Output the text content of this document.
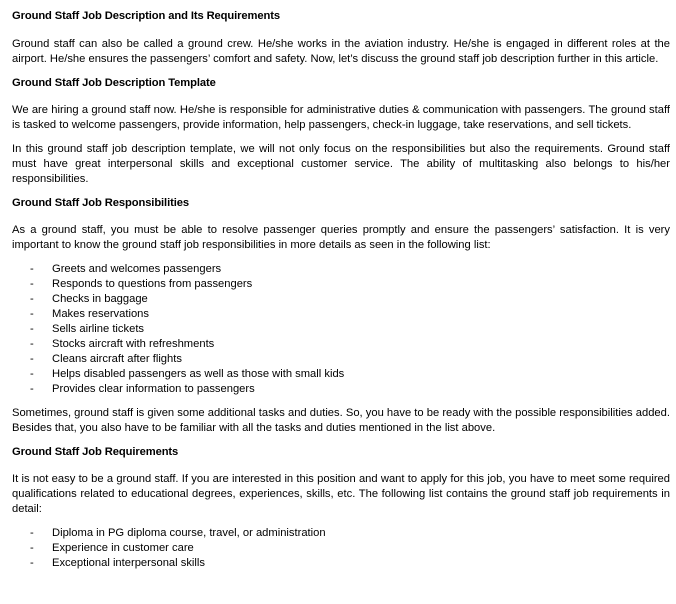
Ground Staff Job Description and Its Requirements

Ground staff can also be called a ground crew. He/she works in the aviation industry. He/she is engaged in different roles at the airport. He/she ensures the passengers’ comfort and safety. Now, let’s discuss the ground staff job description further in this article.

Ground Staff Job Description Template

We are hiring a ground staff now. He/she is responsible for administrative duties & communication with passengers. The ground staff is tasked to welcome passengers, provide information, help passengers, check-in luggage, take reservations, and sell tickets.

In this ground staff job description template, we will not only focus on the responsibilities but also the requirements. Ground staff must have great interpersonal skills and exceptional customer service. The ability of multitasking also belongs to his/her responsibilities.

Ground Staff Job Responsibilities

As a ground staff, you must be able to resolve passenger queries promptly and ensure the passengers’ satisfaction. It is very important to know the ground staff job responsibilities in more details as seen in the following list:

- Greets and welcomes passengers
- Responds to questions from passengers
- Checks in baggage
- Makes reservations
- Sells airline tickets
- Stocks aircraft with refreshments
- Cleans aircraft after flights
- Helps disabled passengers as well as those with small kids
- Provides clear information to passengers

Sometimes, ground staff is given some additional tasks and duties. So, you have to be ready with the possible responsibilities added. Besides that, you also have to be familiar with all the tasks and duties mentioned in the list above.

Ground Staff Job Requirements

It is not easy to be a ground staff. If you are interested in this position and want to apply for this job, you have to meet some required qualifications related to educational degrees, experiences, skills, etc. The following list contains the ground staff job requirements in detail:

- Diploma in PG diploma course, travel, or administration
- Experience in customer care
- Exceptional interpersonal skills
